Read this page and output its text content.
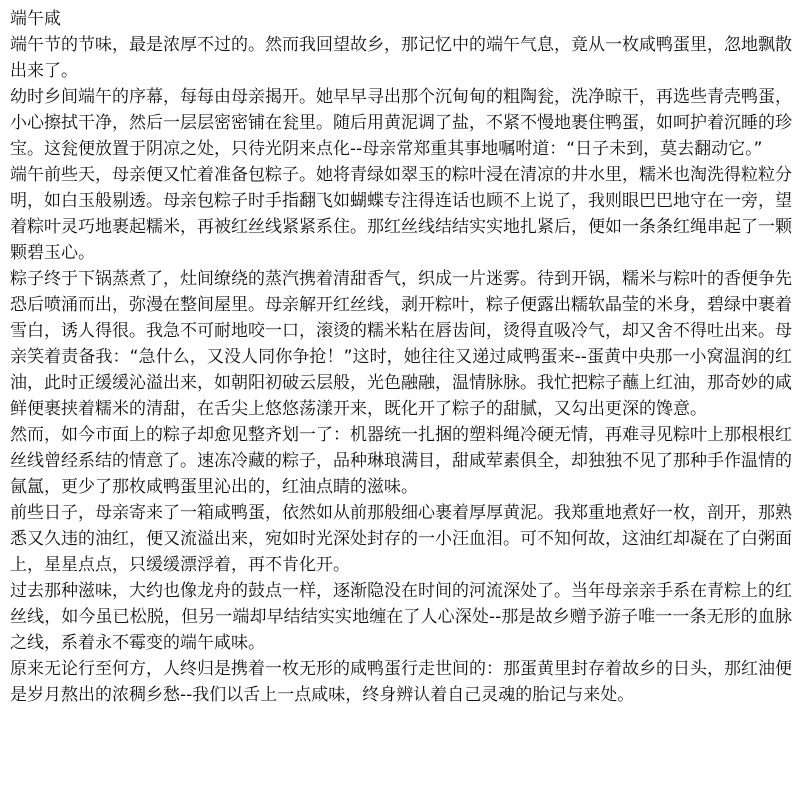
端午咸

端午节的节味，最是浓厚不过的。然而我回望故乡，那记忆中的端午气息，竟从一枚咸鸭蛋里，忽地飘散出来了。

幼时乡间端午的序幕，每每由母亲揭开。她早早寻出那个沉甸甸的粗陶瓮，洗净晾干，再选些青壳鸭蛋，小心擦拭干净，然后一层层密密铺在瓮里。随后用黄泥调了盐，不紧不慢地裹住鸭蛋，如呵护着沉睡的珍宝。这瓮便放置于阴凉之处，只待光阴来点化--母亲常郑重其事地嘱咐道：“日子未到，莫去翻动它。”

端午前些天，母亲便又忙着准备包粽子。她将青绿如翠玉的粽叶浸在清凉的井水里，糯米也淘洗得粒粒分明，如白玉般剔透。母亲包粽子时手指翻飞如蝴蝶专注得连话也顾不上说了，我则眼巴巴地守在一旁，望着粽叶灵巧地裹起糯米，再被红丝线紧紧系住。那红丝线结结实实地扎紧后，便如一条条红绳串起了一颗颗碧玉心。

粽子终于下锅蒸煮了，灶间缭绕的蒸汽携着清甜香气，织成一片迷雾。待到开锅，糯米与粽叶的香便争先恐后喷涌而出，弥漫在整间屋里。母亲解开红丝线，剥开粽叶，粽子便露出糯软晶莹的米身，碧绿中裹着雪白，诱人得很。我急不可耐地咬一口，滚烫的糯米粘在唇齿间，烫得直吸冷气，却又舍不得吐出来。母亲笑着责备我：“急什么，又没人同你争抢！”这时，她往往又递过咸鸭蛋来--蛋黄中央那一小窝温润的红油，此时正缓缓沁溢出来，如朝阳初破云层般，光色融融，温情脉脉。我忙把粽子蘸上红油，那奇妙的咸鲜便裹挟着糯米的清甜，在舌尖上悠悠荡漾开来，既化开了粽子的甜腻，又勾出更深的馋意。

然而，如今市面上的粽子却愈见整齐划一了：机器统一扎捆的塑料绳冷硬无情，再难寻见粽叶上那根根红丝线曾经系结的情意了。速冻冷藏的粽子，品种琳琅满目，甜咸荤素俱全，却独独不见了那种手作温情的氤氲，更少了那枚咸鸭蛋里沁出的，红油点睛的滋味。

前些日子，母亲寄来了一箱咸鸭蛋，依然如从前那般细心裹着厚厚黄泥。我郑重地煮好一枚，剖开，那熟悉又久违的油红，便又流溢出来，宛如时光深处封存的一小汪血泪。可不知何故，这油红却凝在了白粥面上，星星点点，只缓缓漂浮着，再不肯化开。

过去那种滋味，大约也像龙舟的鼓点一样，逐渐隐没在时间的河流深处了。当年母亲亲手系在青粽上的红丝线，如今虽已松脱，但另一端却早结结实实地缠在了人心深处--那是故乡赠予游子唯一一条无形的血脉之线，系着永不霉变的端午咸味。

原来无论行至何方，人终归是携着一枚无形的咸鸭蛋行走世间的：那蛋黄里封存着故乡的日头，那红油便是岁月熬出的浓稠乡愁--我们以舌上一点咸味，终身辨认着自己灵魂的胎记与来处。
